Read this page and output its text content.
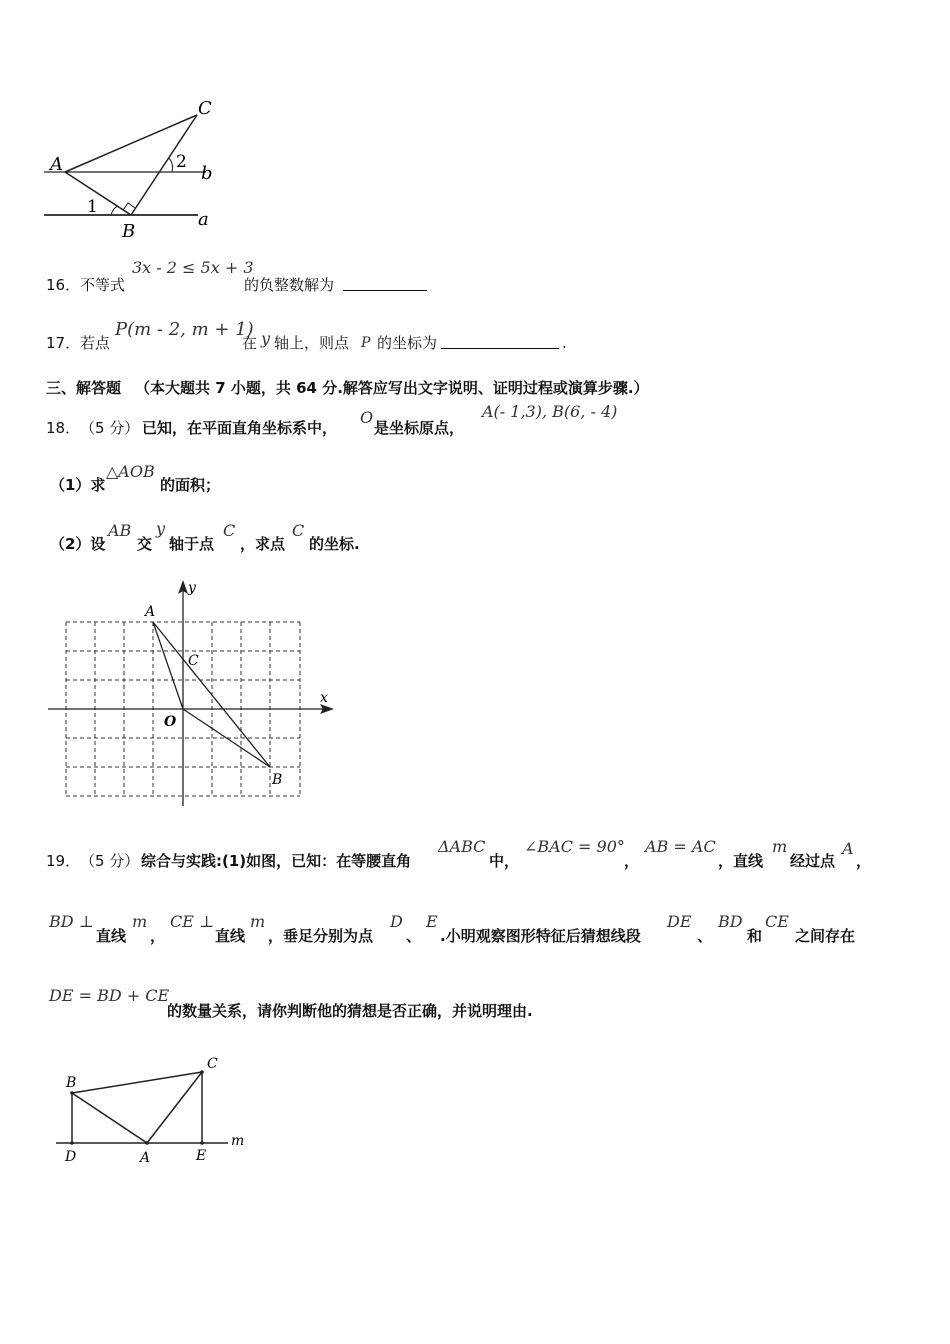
A
B
C
b
a
1
2
16． 不等式
3x - 2 ≤ 5x + 3
的负整数解为
17． 若点
P(m - 2, m + 1)
在 y 轴上，则点 P 的坐标为	.
三、解答题 （本大题共 7 小题，共 64 分.解答应写出文字说明、证明过程或演算步骤.）
18． （5 分） 已知，在平面直角坐标系中，
O
是坐标原点，
A(- 1,3), B(6, - 4)
（1）求
△AOB
的面积；
（2）设
AB
交
y
轴于点
C
，求点
C
的坐标.
A
C
O
B
x
y
19． （5 分） 综合与实践:(1)如图，已知：在等腰直角
ΔABC
中，
∠BAC = 90°
，
AB = AC
，直线
m
经过点
A
，
BD ⊥
直线
m
，
CE ⊥
直线
m
，垂足分别为点
D
、
E
.小明观察图形特征后猜想线段
DE
、
BD
和
CE
之间存在
DE = BD + CE
的数量关系，请你判断他的猜想是否正确，并说明理由.
B
C
D	A	E
m
